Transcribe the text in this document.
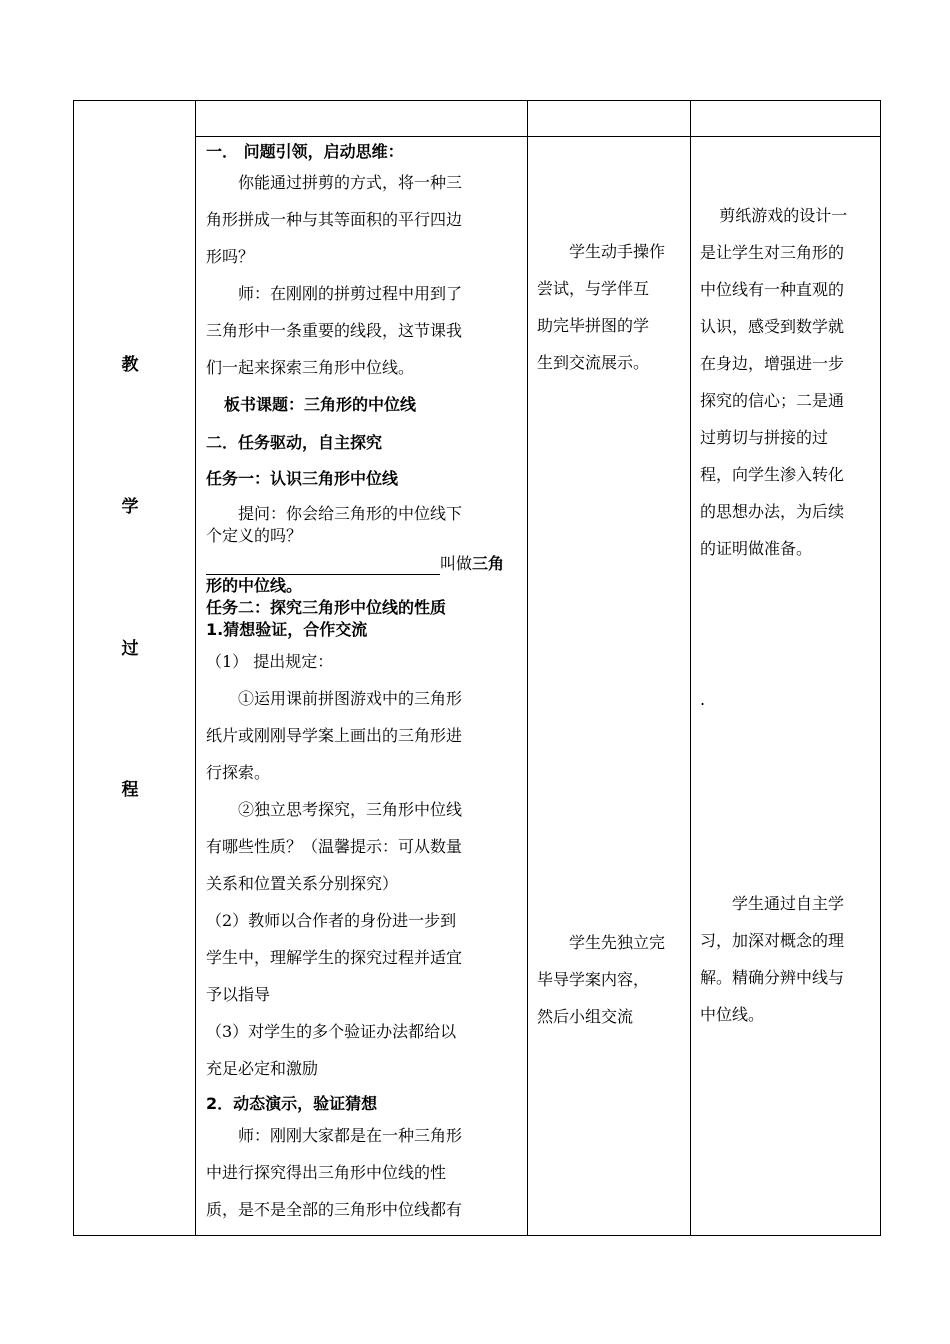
教
学
过
程
一． 问题引领，启动思维：
你能通过拼剪的方式，将一种三
角形拼成一种与其等面积的平行四边
形吗？
师：在刚刚的拼剪过程中用到了
三角形中一条重要的线段，这节课我
们一起来探索三角形中位线。
板书课题：三角形的中位线
二．任务驱动，自主探究
任务一：认识三角形中位线
提问：你会给三角形的中位线下
个定义的吗？
叫做三角
形的中位线。
任务二：探究三角形中位线的性质
1.猜想验证，合作交流
（1） 提出规定：
①运用课前拼图游戏中的三角形
纸片或刚刚导学案上画出的三角形进
行探索。
②独立思考探究，三角形中位线
有哪些性质？（温馨提示：可从数量
关系和位置关系分别探究）
（2）教师以合作者的身份进一步到
学生中，理解学生的探究过程并适宜
予以指导
（3）对学生的多个验证办法都给以
充足必定和激励
2．动态演示，验证猜想
师：刚刚大家都是在一种三角形
中进行探究得出三角形中位线的性
质，是不是全部的三角形中位线都有
学生动手操作
尝试，与学伴互
助完毕拼图的学
生到交流展示。
学生先独立完
毕导学案内容，
然后小组交流
剪纸游戏的设计一
是让学生对三角形的
中位线有一种直观的
认识，感受到数学就
在身边，增强进一步
探究的信心；二是通
过剪切与拼接的过
程，向学生渗入转化
的思想办法，为后续
的证明做准备。
.
学生通过自主学
习，加深对概念的理
解。精确分辨中线与
中位线。
